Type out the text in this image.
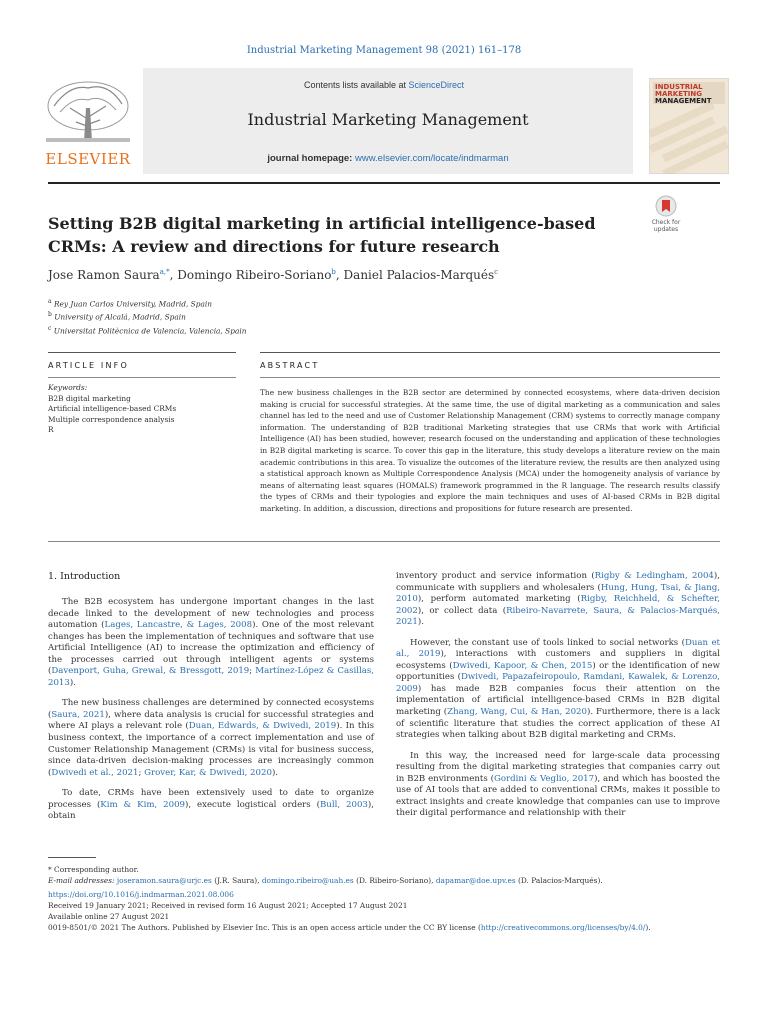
Industrial Marketing Management 98 (2021) 161–178
ELSEVIER
Contents lists available at ScienceDirect
Industrial Marketing Management
journal homepage: www.elsevier.com/locate/indmarman
INDUSTRIAL
MARKETING
MANAGEMENT
Setting B2B digital marketing in artificial intelligence-based CRMs: A review and directions for future research
Check for
updates
Jose Ramon Saura$^{a,*}$, Domingo Ribeiro-Soriano$^b$, Daniel Palacios-Marqués$^c$
$^a$ Rey Juan Carlos University, Madrid, Spain
$^b$ University of Alcalá, Madrid, Spain
$^c$ Universitat Politècnica de Valencia, Valencia, Spain
ARTICLE INFO	ABSTRACT
Keywords:
B2B digital marketing
Artificial intelligence-based CRMs
Multiple correspondence analysis
R
The new business challenges in the B2B sector are determined by connected ecosystems, where data-driven decision making is crucial for successful strategies. At the same time, the use of digital marketing as a communication and sales channel has led to the need and use of Customer Relationship Management (CRM) systems to correctly manage company information. The understanding of B2B traditional Marketing strategies that use CRMs that work with Artificial Intelligence (AI) has been studied, however, research focused on the understanding and application of these technologies in B2B digital marketing is scarce. To cover this gap in the literature, this study develops a literature review on the main academic contributions in this area. To visualize the outcomes of the literature review, the results are then analyzed using a statistical approach known as Multiple Correspondence Analysis (MCA) under the homogeneity analysis of variance by means of alternating least squares (HOMALS) framework programmed in the R language. The research results classify the types of CRMs and their typologies and explore the main techniques and uses of AI-based CRMs in B2B digital marketing. In addition, a discussion, directions and propositions for future research are presented.
1. Introduction

The B2B ecosystem has undergone important changes in the last decade linked to the development of new technologies and process automation (Lages, Lancastre, & Lages, 2008). One of the most relevant changes has been the implementation of techniques and software that use Artificial Intelligence (AI) to increase the optimization and efficiency of the processes carried out through intelligent agents or systems (Davenport, Guha, Grewal, & Bressgott, 2019; Martínez-López & Casillas, 2013).

The new business challenges are determined by connected ecosystems (Saura, 2021), where data analysis is crucial for successful strategies and where AI plays a relevant role (Duan, Edwards, & Dwivedi, 2019). In this business context, the importance of a correct implementation and use of Customer Relationship Management (CRMs) is vital for business success, since data-driven decision-making processes are increasingly common (Dwivedi et al., 2021; Grover, Kar, & Dwivedi, 2020).

To date, CRMs have been extensively used to date to organize processes (Kim & Kim, 2009), execute logistical orders (Bull, 2003), obtain

inventory product and service information (Rigby & Ledingham, 2004), communicate with suppliers and wholesalers (Hung, Hung, Tsai, & Jiang, 2010), perform automated marketing (Rigby, Reichheld, & Schefter, 2002), or collect data (Ribeiro-Navarrete, Saura, & Palacios-Marqués, 2021).

However, the constant use of tools linked to social networks (Duan et al., 2019), interactions with customers and suppliers in digital ecosystems (Dwivedi, Kapoor, & Chen, 2015) or the identification of new opportunities (Dwivedi, Papazafeiropoulo, Ramdani, Kawalek, & Lorenzo, 2009) has made B2B companies focus their attention on the implementation of artificial intelligence-based CRMs in B2B digital marketing (Zhang, Wang, Cui, & Han, 2020). Furthermore, there is a lack of scientific literature that studies the correct application of these AI strategies when talking about B2B digital marketing and CRMs.

In this way, the increased need for large-scale data processing resulting from the digital marketing strategies that companies carry out in B2B environments (Gordini & Veglio, 2017), and which has boosted the use of AI tools that are added to conventional CRMs, makes it possible to extract insights and create knowledge that companies can use to improve their digital performance and relationship with their

* Corresponding author.
E-mail addresses: joseramon.saura@urjc.es (J.R. Saura), domingo.ribeiro@uah.es (D. Ribeiro-Soriano), dapamar@doe.upv.es (D. Palacios-Marqués).
https://doi.org/10.1016/j.indmarman.2021.08.006
Received 19 January 2021; Received in revised form 16 August 2021; Accepted 17 August 2021
Available online 27 August 2021
0019-8501/© 2021 The Authors. Published by Elsevier Inc. This is an open access article under the CC BY license (http://creativecommons.org/licenses/by/4.0/).
